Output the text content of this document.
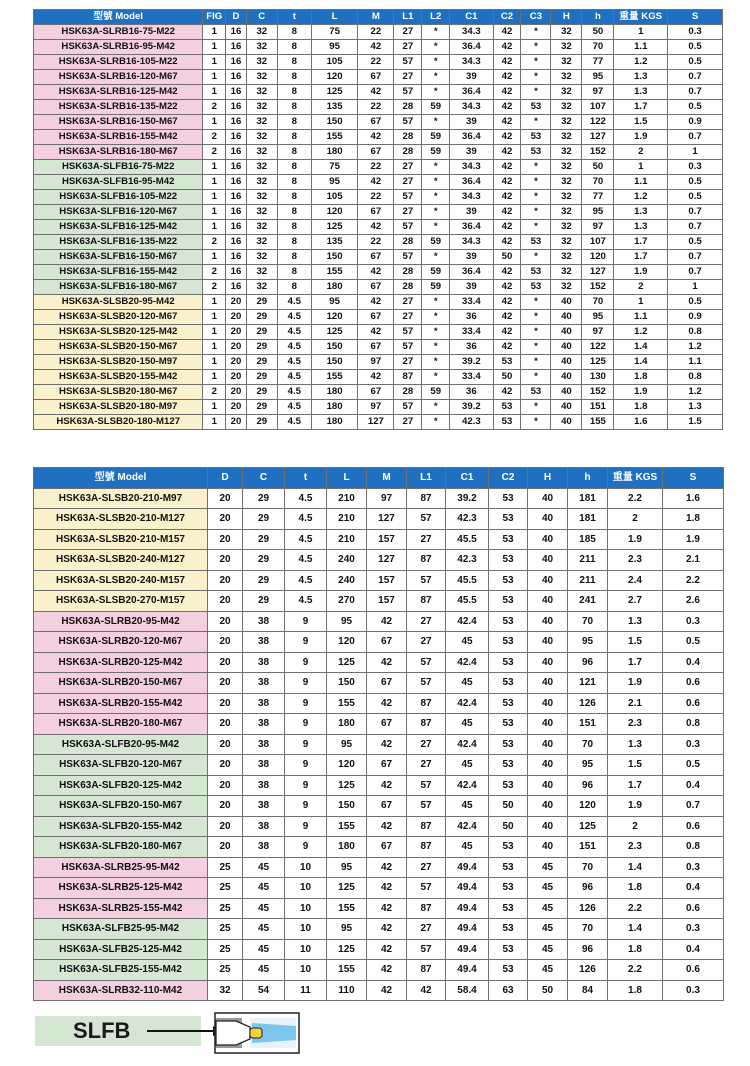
型號 Model	FIG	D	C	t	L	M	L1	L2	C1	C2	C3	H	h	重量 KGS	S
HSK63A-SLRB16-75-M22	1	16	32	8	75	22	27	*	34.3	42	*	32	50	1	0.3
HSK63A-SLRB16-95-M42	1	16	32	8	95	42	27	*	36.4	42	*	32	70	1.1	0.5
HSK63A-SLRB16-105-M22	1	16	32	8	105	22	57	*	34.3	42	*	32	77	1.2	0.5
HSK63A-SLRB16-120-M67	1	16	32	8	120	67	27	*	39	42	*	32	95	1.3	0.7
HSK63A-SLRB16-125-M42	1	16	32	8	125	42	57	*	36.4	42	*	32	97	1.3	0.7
HSK63A-SLRB16-135-M22	2	16	32	8	135	22	28	59	34.3	42	53	32	107	1.7	0.5
HSK63A-SLRB16-150-M67	1	16	32	8	150	67	57	*	39	42	*	32	122	1.5	0.9
HSK63A-SLRB16-155-M42	2	16	32	8	155	42	28	59	36.4	42	53	32	127	1.9	0.7
HSK63A-SLRB16-180-M67	2	16	32	8	180	67	28	59	39	42	53	32	152	2	1
HSK63A-SLFB16-75-M22	1	16	32	8	75	22	27	*	34.3	42	*	32	50	1	0.3
HSK63A-SLFB16-95-M42	1	16	32	8	95	42	27	*	36.4	42	*	32	70	1.1	0.5
HSK63A-SLFB16-105-M22	1	16	32	8	105	22	57	*	34.3	42	*	32	77	1.2	0.5
HSK63A-SLFB16-120-M67	1	16	32	8	120	67	27	*	39	42	*	32	95	1.3	0.7
HSK63A-SLFB16-125-M42	1	16	32	8	125	42	57	*	36.4	42	*	32	97	1.3	0.7
HSK63A-SLFB16-135-M22	2	16	32	8	135	22	28	59	34.3	42	53	32	107	1.7	0.5
HSK63A-SLFB16-150-M67	1	16	32	8	150	67	57	*	39	50	*	32	120	1.7	0.7
HSK63A-SLFB16-155-M42	2	16	32	8	155	42	28	59	36.4	42	53	32	127	1.9	0.7
HSK63A-SLFB16-180-M67	2	16	32	8	180	67	28	59	39	42	53	32	152	2	1
HSK63A-SLSB20-95-M42	1	20	29	4.5	95	42	27	*	33.4	42	*	40	70	1	0.5
HSK63A-SLSB20-120-M67	1	20	29	4.5	120	67	27	*	36	42	*	40	95	1.1	0.9
HSK63A-SLSB20-125-M42	1	20	29	4.5	125	42	57	*	33.4	42	*	40	97	1.2	0.8
HSK63A-SLSB20-150-M67	1	20	29	4.5	150	67	57	*	36	42	*	40	122	1.4	1.2
HSK63A-SLSB20-150-M97	1	20	29	4.5	150	97	27	*	39.2	53	*	40	125	1.4	1.1
HSK63A-SLSB20-155-M42	1	20	29	4.5	155	42	87	*	33.4	50	*	40	130	1.8	0.8
HSK63A-SLSB20-180-M67	2	20	29	4.5	180	67	28	59	36	42	53	40	152	1.9	1.2
HSK63A-SLSB20-180-M97	1	20	29	4.5	180	97	57	*	39.2	53	*	40	151	1.8	1.3
HSK63A-SLSB20-180-M127	1	20	29	4.5	180	127	27	*	42.3	53	*	40	155	1.6	1.5
型號 Model	D	C	t	L	M	L1	C1	C2	H	h	重量 KGS	S
HSK63A-SLSB20-210-M97	20	29	4.5	210	97	87	39.2	53	40	181	2.2	1.6
HSK63A-SLSB20-210-M127	20	29	4.5	210	127	57	42.3	53	40	181	2	1.8
HSK63A-SLSB20-210-M157	20	29	4.5	210	157	27	45.5	53	40	185	1.9	1.9
HSK63A-SLSB20-240-M127	20	29	4.5	240	127	87	42.3	53	40	211	2.3	2.1
HSK63A-SLSB20-240-M157	20	29	4.5	240	157	57	45.5	53	40	211	2.4	2.2
HSK63A-SLSB20-270-M157	20	29	4.5	270	157	87	45.5	53	40	241	2.7	2.6
HSK63A-SLRB20-95-M42	20	38	9	95	42	27	42.4	53	40	70	1.3	0.3
HSK63A-SLRB20-120-M67	20	38	9	120	67	27	45	53	40	95	1.5	0.5
HSK63A-SLRB20-125-M42	20	38	9	125	42	57	42.4	53	40	96	1.7	0.4
HSK63A-SLRB20-150-M67	20	38	9	150	67	57	45	53	40	121	1.9	0.6
HSK63A-SLRB20-155-M42	20	38	9	155	42	87	42.4	53	40	126	2.1	0.6
HSK63A-SLRB20-180-M67	20	38	9	180	67	87	45	53	40	151	2.3	0.8
HSK63A-SLFB20-95-M42	20	38	9	95	42	27	42.4	53	40	70	1.3	0.3
HSK63A-SLFB20-120-M67	20	38	9	120	67	27	45	53	40	95	1.5	0.5
HSK63A-SLFB20-125-M42	20	38	9	125	42	57	42.4	53	40	96	1.7	0.4
HSK63A-SLFB20-150-M67	20	38	9	150	67	57	45	50	40	120	1.9	0.7
HSK63A-SLFB20-155-M42	20	38	9	155	42	87	42.4	50	40	125	2	0.6
HSK63A-SLFB20-180-M67	20	38	9	180	67	87	45	53	40	151	2.3	0.8
HSK63A-SLRB25-95-M42	25	45	10	95	42	27	49.4	53	45	70	1.4	0.3
HSK63A-SLRB25-125-M42	25	45	10	125	42	57	49.4	53	45	96	1.8	0.4
HSK63A-SLRB25-155-M42	25	45	10	155	42	87	49.4	53	45	126	2.2	0.6
HSK63A-SLFB25-95-M42	25	45	10	95	42	27	49.4	53	45	70	1.4	0.3
HSK63A-SLFB25-125-M42	25	45	10	125	42	57	49.4	53	45	96	1.8	0.4
HSK63A-SLFB25-155-M42	25	45	10	155	42	87	49.4	53	45	126	2.2	0.6
HSK63A-SLRB32-110-M42	32	54	11	110	42	42	58.4	63	50	84	1.8	0.3
SLFB
